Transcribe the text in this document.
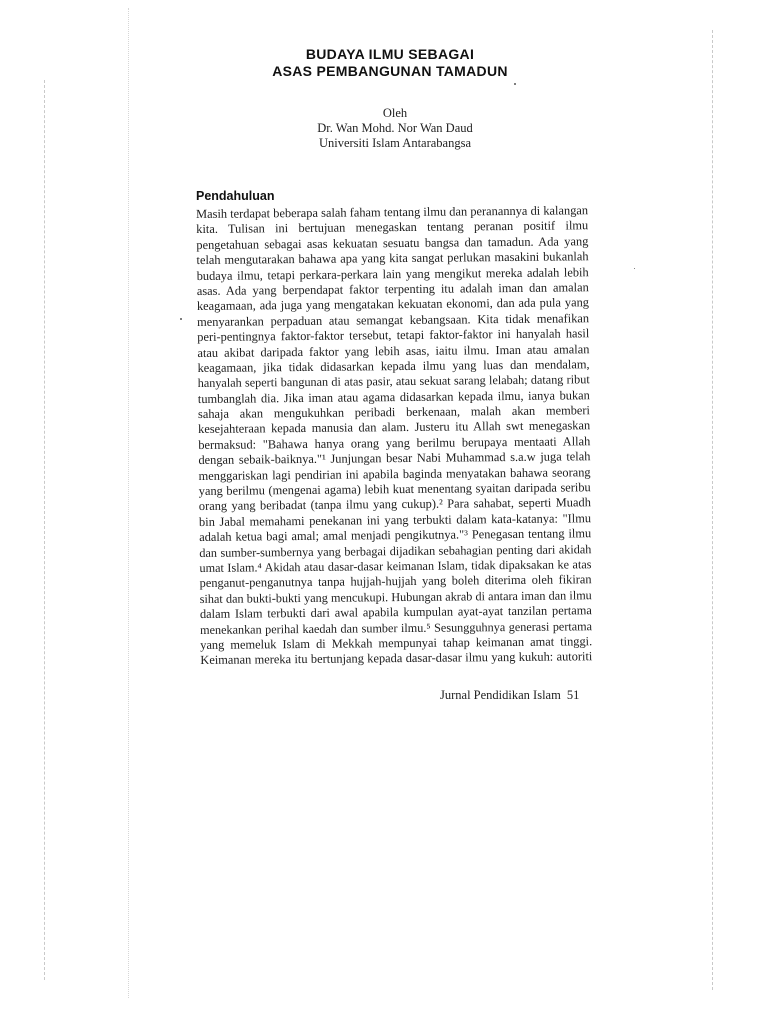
BUDAYA ILMU SEBAGAI
ASAS PEMBANGUNAN TAMADUN
Oleh
Dr. Wan Mohd. Nor Wan Daud
Universiti Islam Antarabangsa
Pendahuluan
Masih terdapat beberapa salah faham tentang ilmu dan peranannya di kalangan
kita. Tulisan ini bertujuan menegaskan tentang peranan positif ilmu
pengetahuan sebagai asas kekuatan sesuatu bangsa dan tamadun. Ada yang
telah mengutarakan bahawa apa yang kita sangat perlukan masakini bukanlah
budaya ilmu, tetapi perkara-perkara lain yang mengikut mereka adalah lebih
asas. Ada yang berpendapat faktor terpenting itu adalah iman dan amalan
keagamaan, ada juga yang mengatakan kekuatan ekonomi, dan ada pula yang
menyarankan perpaduan atau semangat kebangsaan. Kita tidak menafikan
peri-pentingnya faktor-faktor tersebut, tetapi faktor-faktor ini hanyalah hasil
atau akibat daripada faktor yang lebih asas, iaitu ilmu. Iman atau amalan
keagamaan, jika tidak didasarkan kepada ilmu yang luas dan mendalam,
hanyalah seperti bangunan di atas pasir, atau sekuat sarang lelabah; datang ribut
tumbanglah dia. Jika iman atau agama didasarkan kepada ilmu, ianya bukan
sahaja akan mengukuhkan peribadi berkenaan, malah akan memberi
kesejahteraan kepada manusia dan alam. Justeru itu Allah swt menegaskan
bermaksud: "Bahawa hanya orang yang berilmu berupaya mentaati Allah
dengan sebaik-baiknya."¹ Junjungan besar Nabi Muhammad s.a.w juga telah
menggariskan lagi pendirian ini apabila baginda menyatakan bahawa seorang
yang berilmu (mengenai agama) lebih kuat menentang syaitan daripada seribu
orang yang beribadat (tanpa ilmu yang cukup).² Para sahabat, seperti Muadh
bin Jabal memahami penekanan ini yang terbukti dalam kata-katanya: "Ilmu
adalah ketua bagi amal; amal menjadi pengikutnya."³ Penegasan tentang ilmu
dan sumber-sumbernya yang berbagai dijadikan sebahagian penting dari akidah
umat Islam.⁴ Akidah atau dasar-dasar keimanan Islam, tidak dipaksakan ke atas
penganut-penganutnya tanpa hujjah-hujjah yang boleh diterima oleh fikiran
sihat dan bukti-bukti yang mencukupi. Hubungan akrab di antara iman dan ilmu
dalam Islam terbukti dari awal apabila kumpulan ayat-ayat tanzilan pertama
menekankan perihal kaedah dan sumber ilmu.⁵ Sesungguhnya generasi pertama
yang memeluk Islam di Mekkah mempunyai tahap keimanan amat tinggi.
Keimanan mereka itu bertunjang kepada dasar-dasar ilmu yang kukuh: autoriti
Jurnal Pendidikan Islam 51
